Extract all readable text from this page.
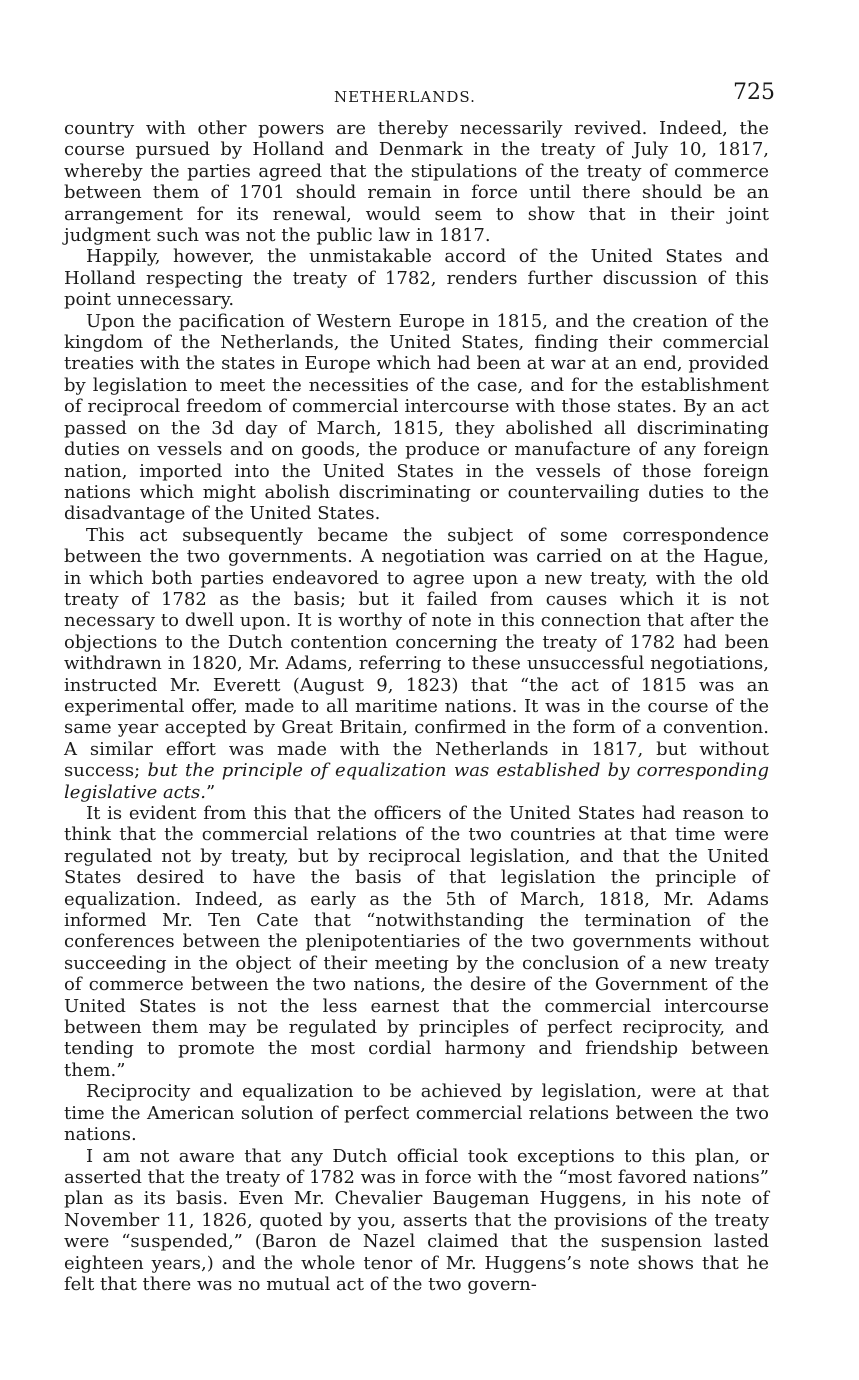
NETHERLANDS.	725

country with other powers are thereby necessarily revived. Indeed, the course pursued by Holland and Denmark in the treaty of July 10, 1817, whereby the parties agreed that the stipulations of the treaty of commerce between them of 1701 should remain in force until there should be an arrangement for its renewal, would seem to show that in their joint judgment such was not the public law in 1817.

Happily, however, the unmistakable accord of the United States and Holland respecting the treaty of 1782, renders further discussion of this point unnecessary.

Upon the pacification of Western Europe in 1815, and the creation of the kingdom of the Netherlands, the United States, finding their commercial treaties with the states in Europe which had been at war at an end, provided by legislation to meet the necessities of the case, and for the establishment of reciprocal freedom of commercial intercourse with those states. By an act passed on the 3d day of March, 1815, they abolished all discriminating duties on vessels and on goods, the produce or manufacture of any foreign nation, imported into the United States in the vessels of those foreign nations which might abolish discriminating or countervailing duties to the disadvantage of the United States.

This act subsequently became the subject of some correspondence between the two governments. A negotiation was carried on at the Hague, in which both parties endeavored to agree upon a new treaty, with the old treaty of 1782 as the basis; but it failed from causes which it is not necessary to dwell upon. It is worthy of note in this connection that after the objections to the Dutch contention concerning the treaty of 1782 had been withdrawn in 1820, Mr. Adams, referring to these unsuccessful negotiations, instructed Mr. Everett (August 9, 1823) that “the act of 1815 was an experimental offer, made to all maritime nations. It was in the course of the same year accepted by Great Britain, confirmed in the form of a convention. A similar effort was made with the Netherlands in 1817, but without success; but the principle of equalization was established by corresponding legislative acts.”

It is evident from this that the officers of the United States had reason to think that the commercial relations of the two countries at that time were regulated not by treaty, but by reciprocal legislation, and that the United States desired to have the basis of that legislation the principle of equalization. Indeed, as early as the 5th of March, 1818, Mr. Adams informed Mr. Ten Cate that “notwithstanding the termination of the conferences between the plenipotentiaries of the two governments without succeeding in the object of their meeting by the conclusion of a new treaty of commerce between the two nations, the desire of the Government of the United States is not the less earnest that the commercial intercourse between them may be regulated by principles of perfect reciprocity, and tending to promote the most cordial harmony and friendship between them.”

Reciprocity and equalization to be achieved by legislation, were at that time the American solution of perfect commercial relations between the two nations.

I am not aware that any Dutch official took exceptions to this plan, or asserted that the treaty of 1782 was in force with the “most favored nations” plan as its basis. Even Mr. Chevalier Baugeman Huggens, in his note of November 11, 1826, quoted by you, asserts that the provisions of the treaty were “suspended,” (Baron de Nazel claimed that the suspension lasted eighteen years,) and the whole tenor of Mr. Huggens’s note shows that he felt that there was no mutual act of the two govern-
